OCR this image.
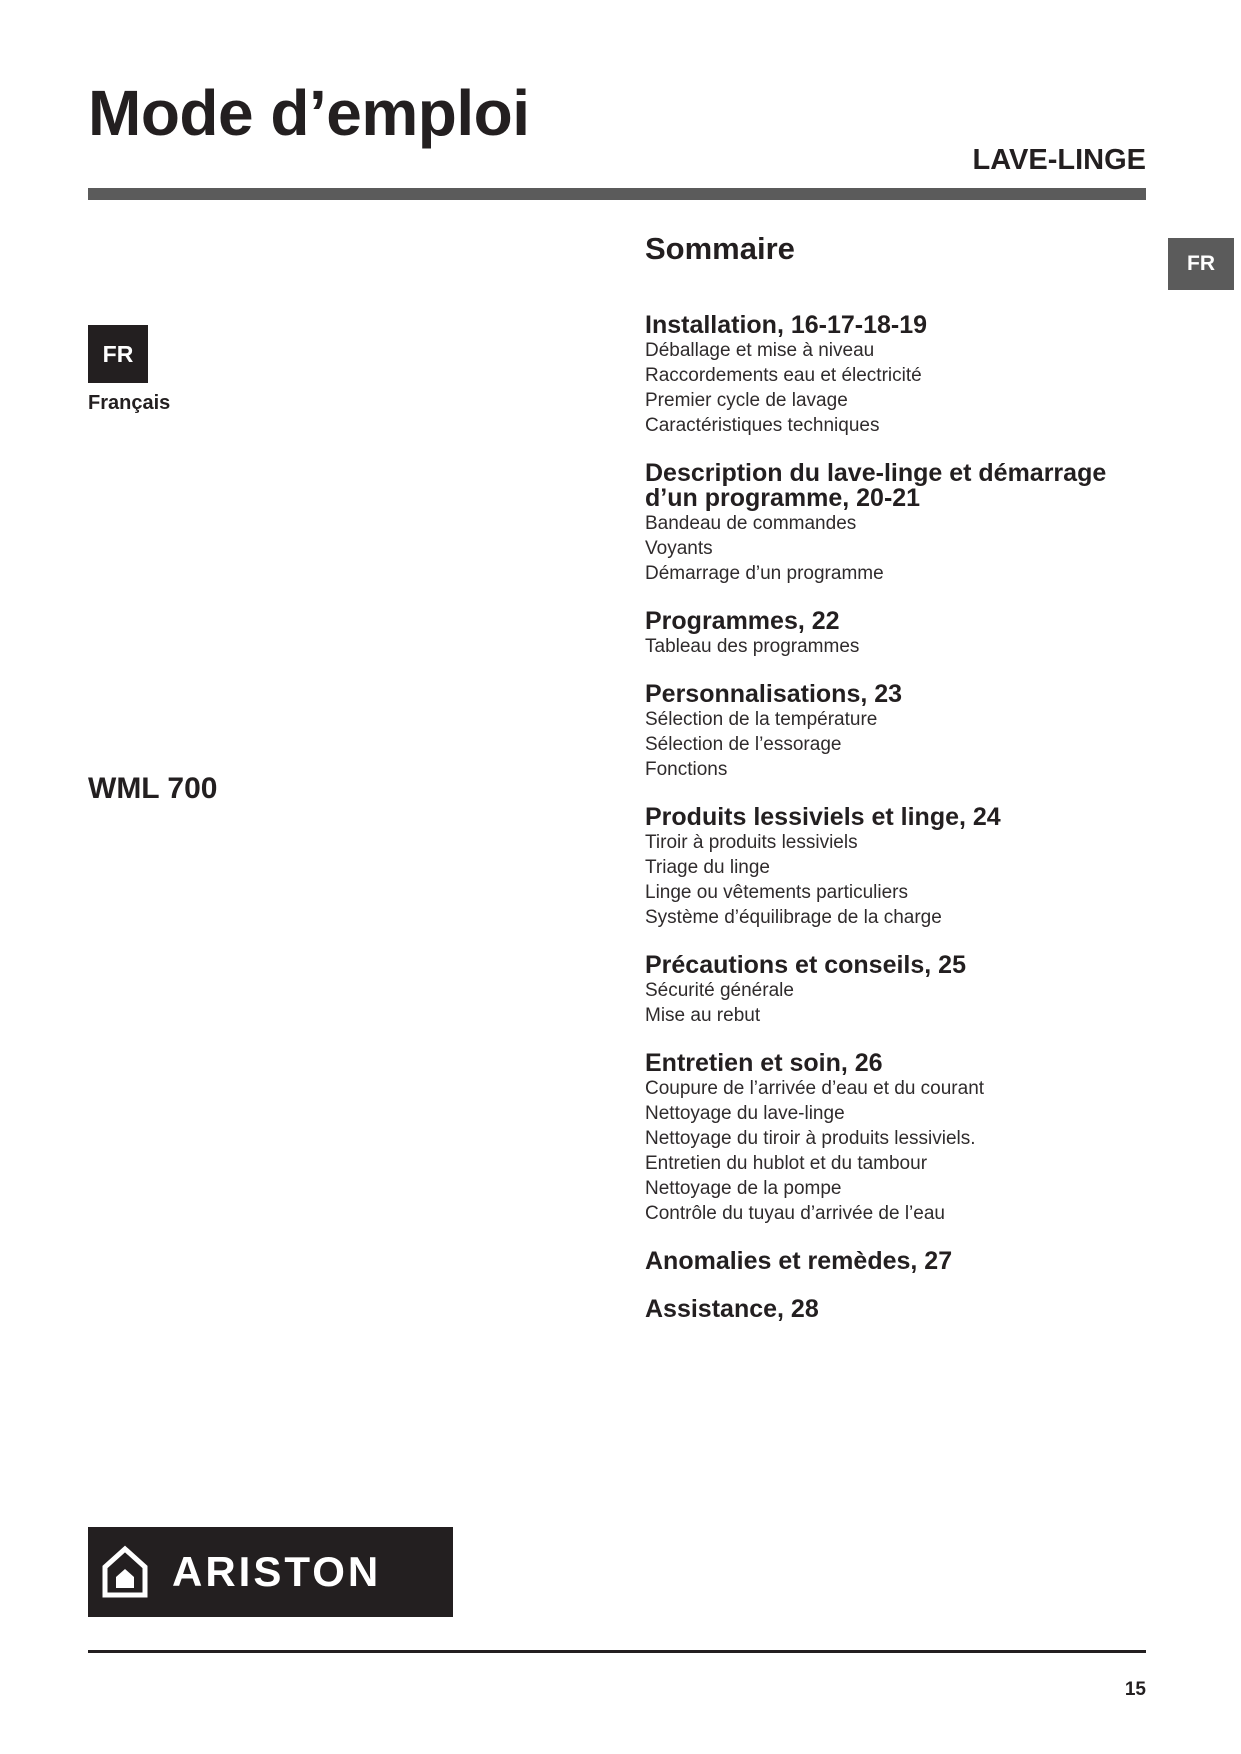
Mode d’emploi
LAVE-LINGE
FR
FR
Français
WML 700
Sommaire
Installation, 16-17-18-19
Déballage et mise à niveau
Raccordements eau et électricité
Premier cycle de lavage
Caractéristiques techniques
Description du lave-linge et démarrage d’un programme, 20-21
Bandeau de commandes
Voyants
Démarrage d’un programme
Programmes, 22
Tableau des programmes
Personnalisations, 23
Sélection de la température
Sélection de l’essorage
Fonctions
Produits lessiviels et linge, 24
Tiroir à produits lessiviels
Triage du linge
Linge ou vêtements particuliers
Système d’équilibrage de la charge
Précautions et conseils, 25
Sécurité générale
Mise au rebut
Entretien et soin, 26
Coupure de l’arrivée d’eau et du courant
Nettoyage du lave-linge
Nettoyage du tiroir à produits lessiviels.
Entretien du hublot et du tambour
Nettoyage de la pompe
Contrôle du tuyau d’arrivée de l’eau
Anomalies et remèdes, 27
Assistance, 28
ARISTON
15
